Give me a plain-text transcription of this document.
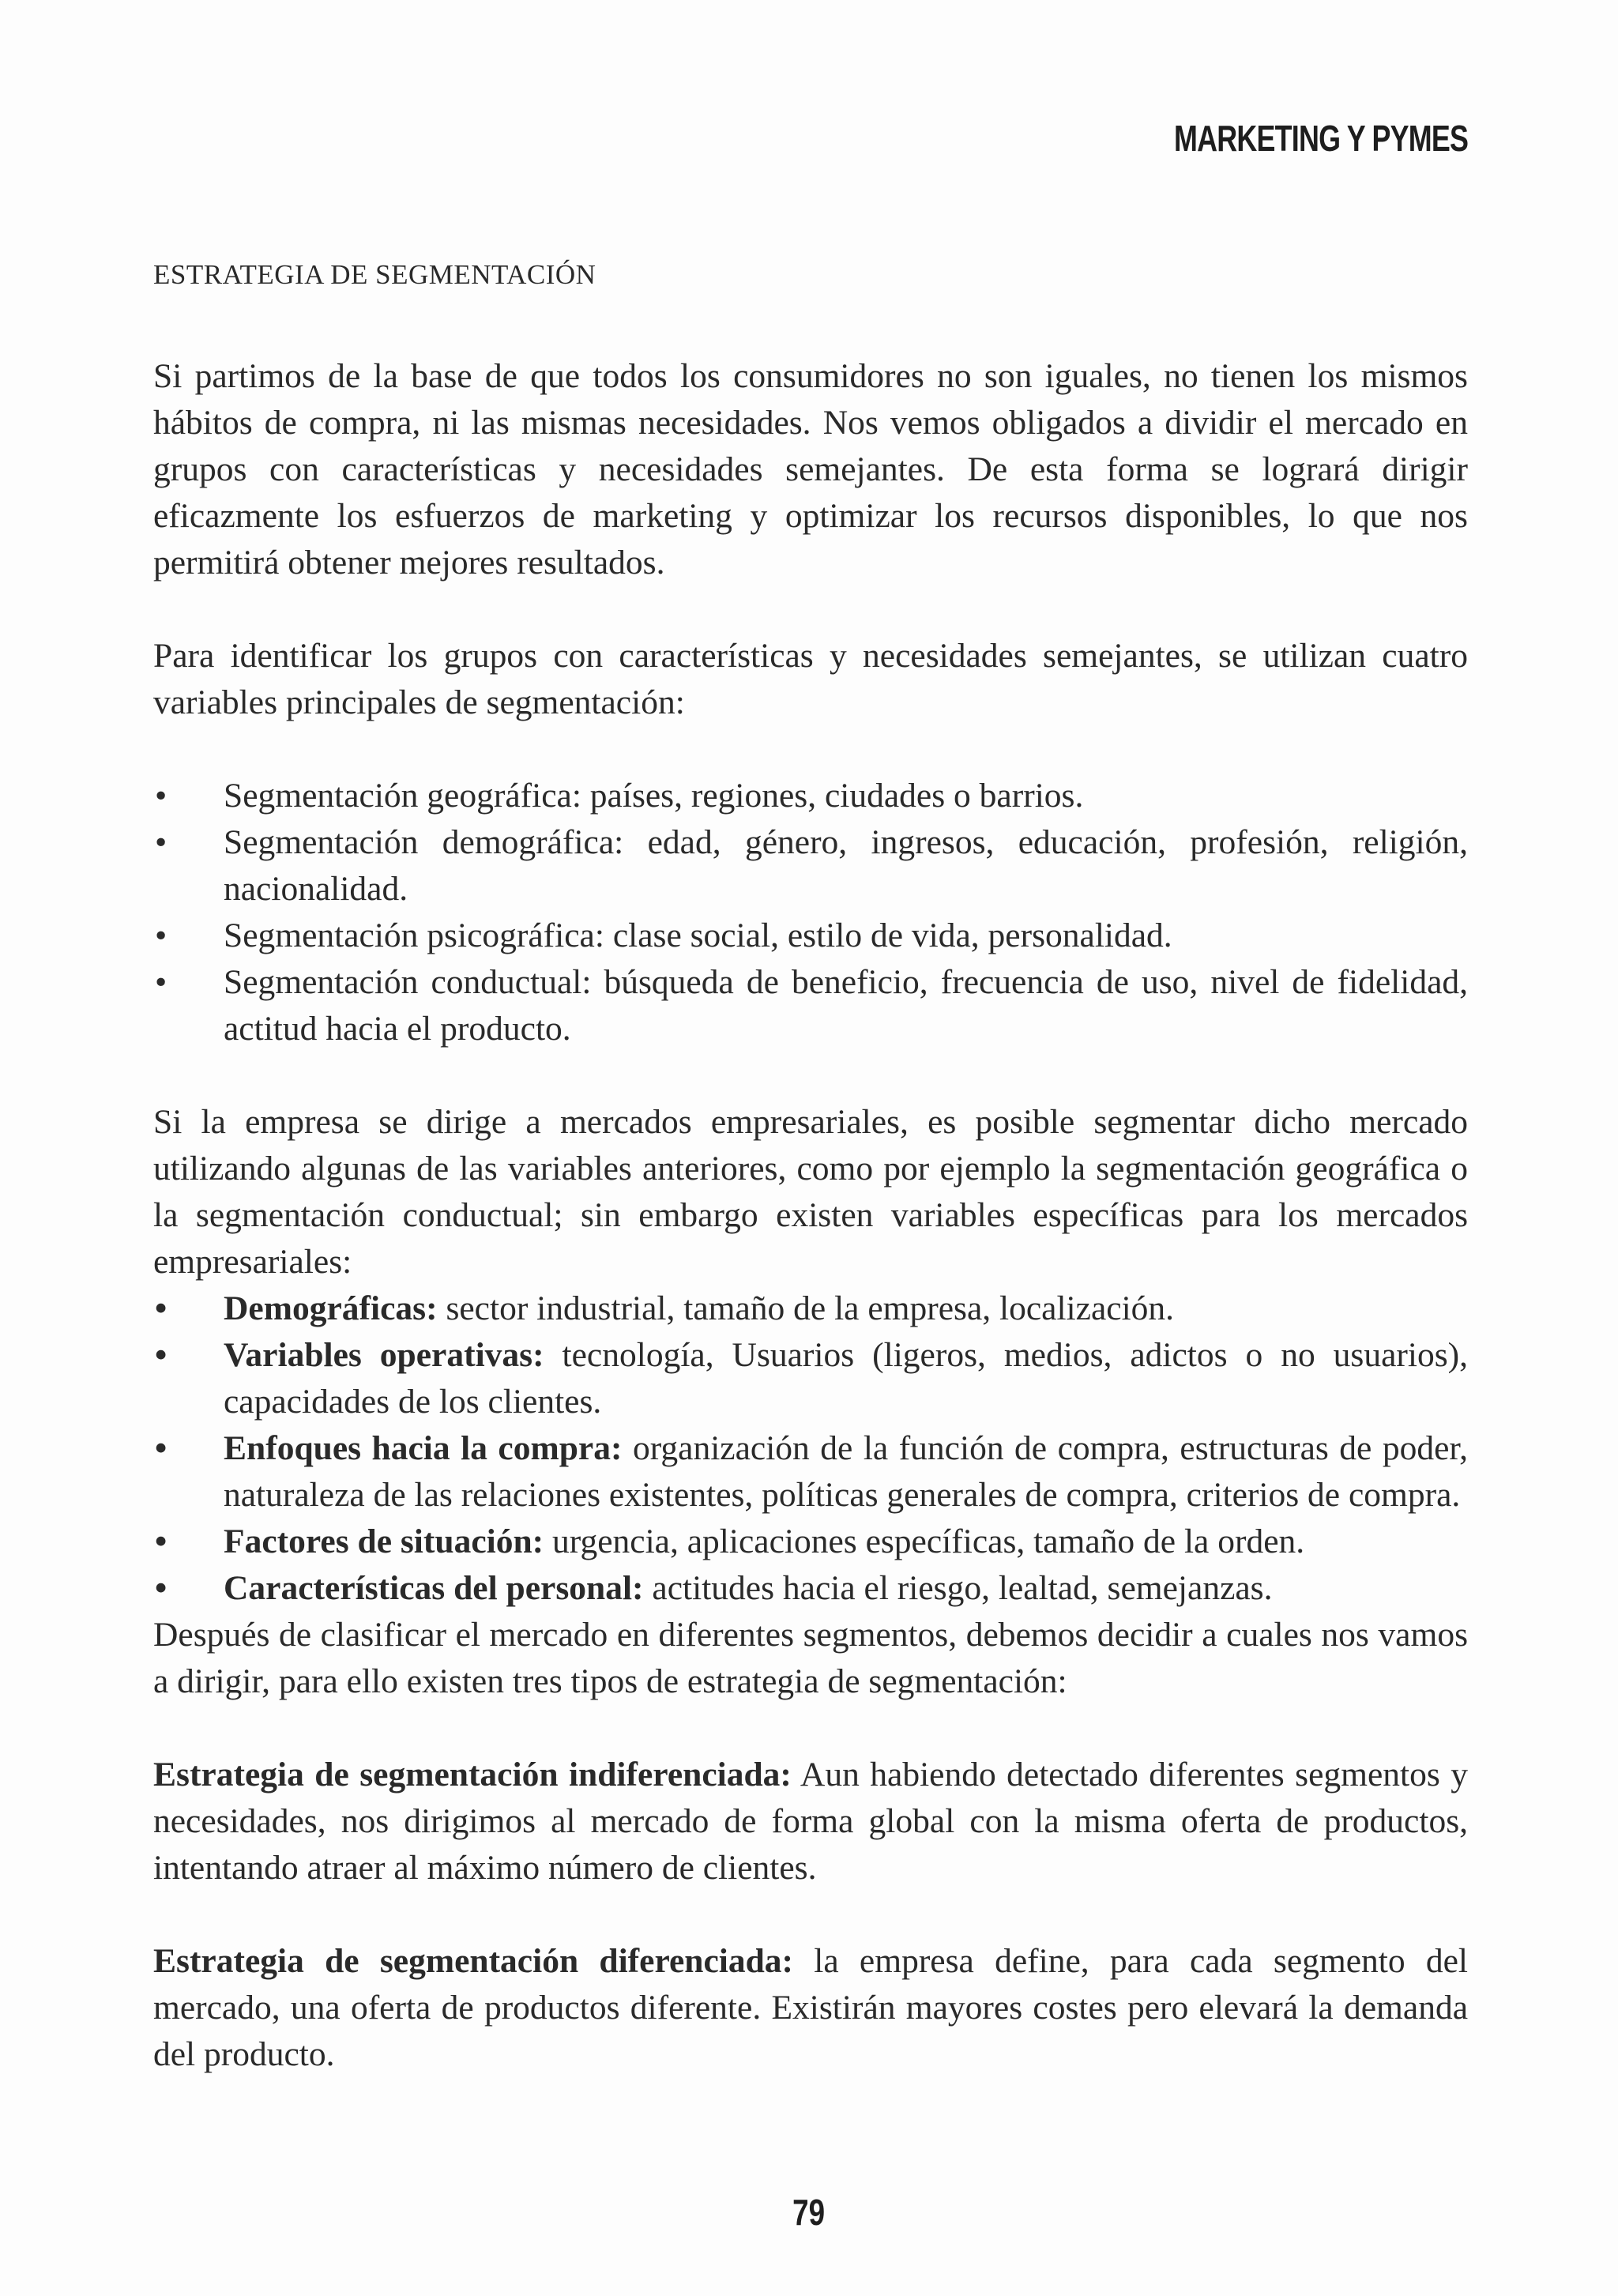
MARKETING Y PYMES
ESTRATEGIA DE SEGMENTACIÓN

Si partimos de la base de que todos los consumidores no son iguales, no tienen los mismos hábitos de compra, ni las mismas necesidades. Nos vemos obligados a dividir el mercado en grupos con características y necesidades semejantes. De esta forma se logrará dirigir eficazmente los esfuerzos de marketing y optimizar los recursos disponibles, lo que nos permitirá obtener mejores resultados.

Para identificar los grupos con características y necesidades semejantes, se utilizan cuatro variables principales de segmentación:

• Segmentación geográfica: países, regiones, ciudades o barrios.
• Segmentación demográfica: edad, género, ingresos, educación, profesión, religión, nacionalidad.
• Segmentación psicográfica: clase social, estilo de vida, personalidad.
• Segmentación conductual: búsqueda de beneficio, frecuencia de uso, nivel de fidelidad, actitud hacia el producto.

Si la empresa se dirige a mercados empresariales, es posible segmentar dicho mercado utilizando algunas de las variables anteriores, como por ejemplo la segmentación geográfica o la segmentación conductual; sin embargo existen variables específicas para los mercados empresariales:

• Demográficas: sector industrial, tamaño de la empresa, localización.
• Variables operativas: tecnología, Usuarios (ligeros, medios, adictos o no usuarios), capacidades de los clientes.
• Enfoques hacia la compra: organización de la función de compra, estructuras de poder, naturaleza de las relaciones existentes, políticas generales de compra, criterios de compra.
• Factores de situación: urgencia, aplicaciones específicas, tamaño de la orden.
• Características del personal: actitudes hacia el riesgo, lealtad, semejanzas.

Después de clasificar el mercado en diferentes segmentos, debemos decidir a cuales nos vamos a dirigir, para ello existen tres tipos de estrategia de segmentación:

Estrategia de segmentación indiferenciada: Aun habiendo detectado diferentes segmentos y necesidades, nos dirigimos al mercado de forma global con la misma oferta de productos, intentando atraer al máximo número de clientes.

Estrategia de segmentación diferenciada: la empresa define, para cada segmento del mercado, una oferta de productos diferente. Existirán mayores costes pero elevará la demanda del producto.

79
